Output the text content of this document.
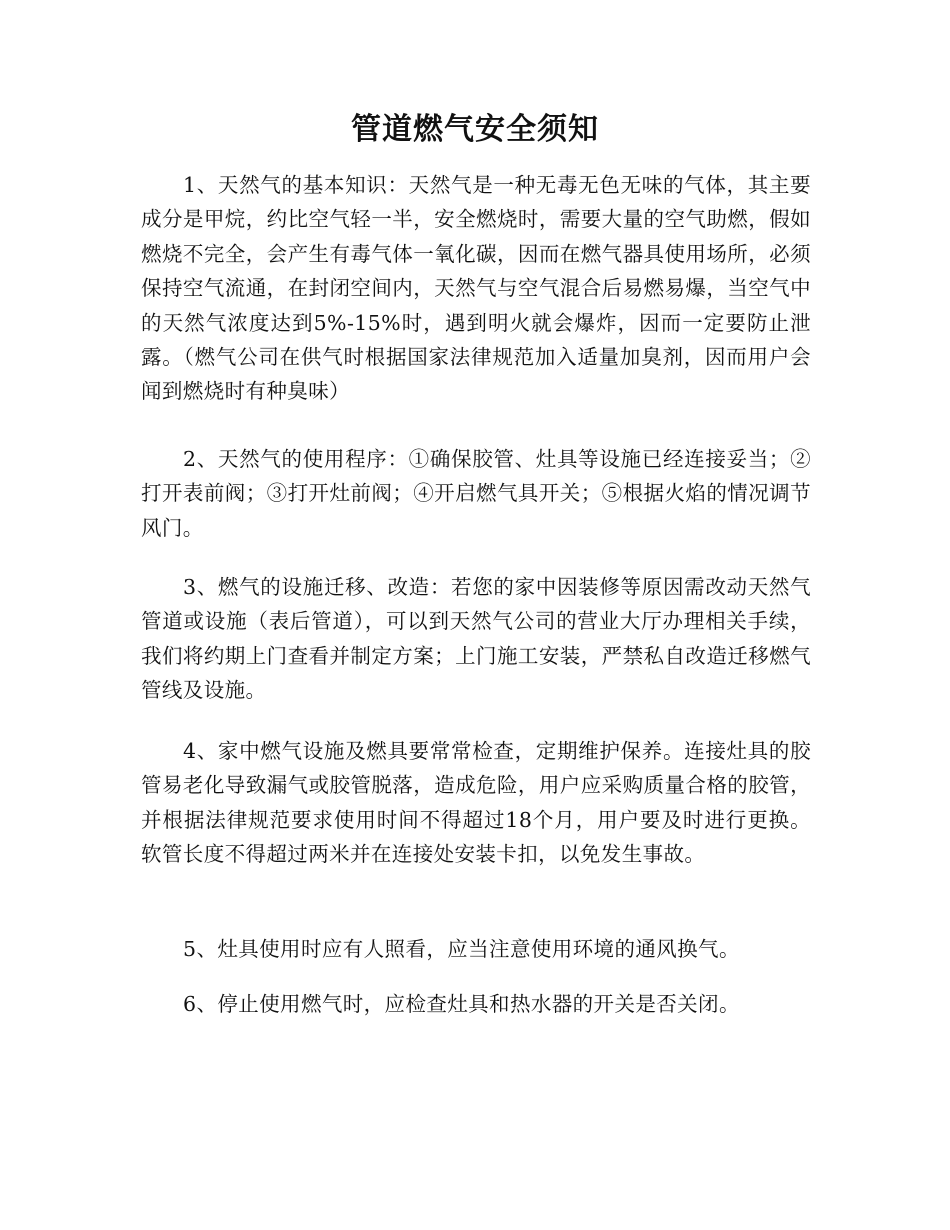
管道燃气安全须知

1、天然气的基本知识：天然气是一种无毒无色无味的气体，其主要成分是甲烷，约比空气轻一半，安全燃烧时，需要大量的空气助燃，假如燃烧不完全，会产生有毒气体一氧化碳，因而在燃气器具使用场所，必须保持空气流通，在封闭空间内，天然气与空气混合后易燃易爆，当空气中的天然气浓度达到5%-15%时，遇到明火就会爆炸，因而一定要防止泄露。（燃气公司在供气时根据国家法律规范加入适量加臭剂，因而用户会闻到燃烧时有种臭味）

2、天然气的使用程序：①确保胶管、灶具等设施已经连接妥当；②打开表前阀；③打开灶前阀；④开启燃气具开关；⑤根据火焰的情况调节风门。

3、燃气的设施迁移、改造：若您的家中因装修等原因需改动天然气管道或设施（表后管道），可以到天然气公司的营业大厅办理相关手续，我们将约期上门查看并制定方案；上门施工安装，严禁私自改造迁移燃气管线及设施。

4、家中燃气设施及燃具要常常检查，定期维护保养。连接灶具的胶管易老化导致漏气或胶管脱落，造成危险，用户应采购质量合格的胶管，并根据法律规范要求使用时间不得超过18个月，用户要及时进行更换。软管长度不得超过两米并在连接处安装卡扣，以免发生事故。

5、灶具使用时应有人照看，应当注意使用环境的通风换气。

6、停止使用燃气时，应检查灶具和热水器的开关是否关闭。
